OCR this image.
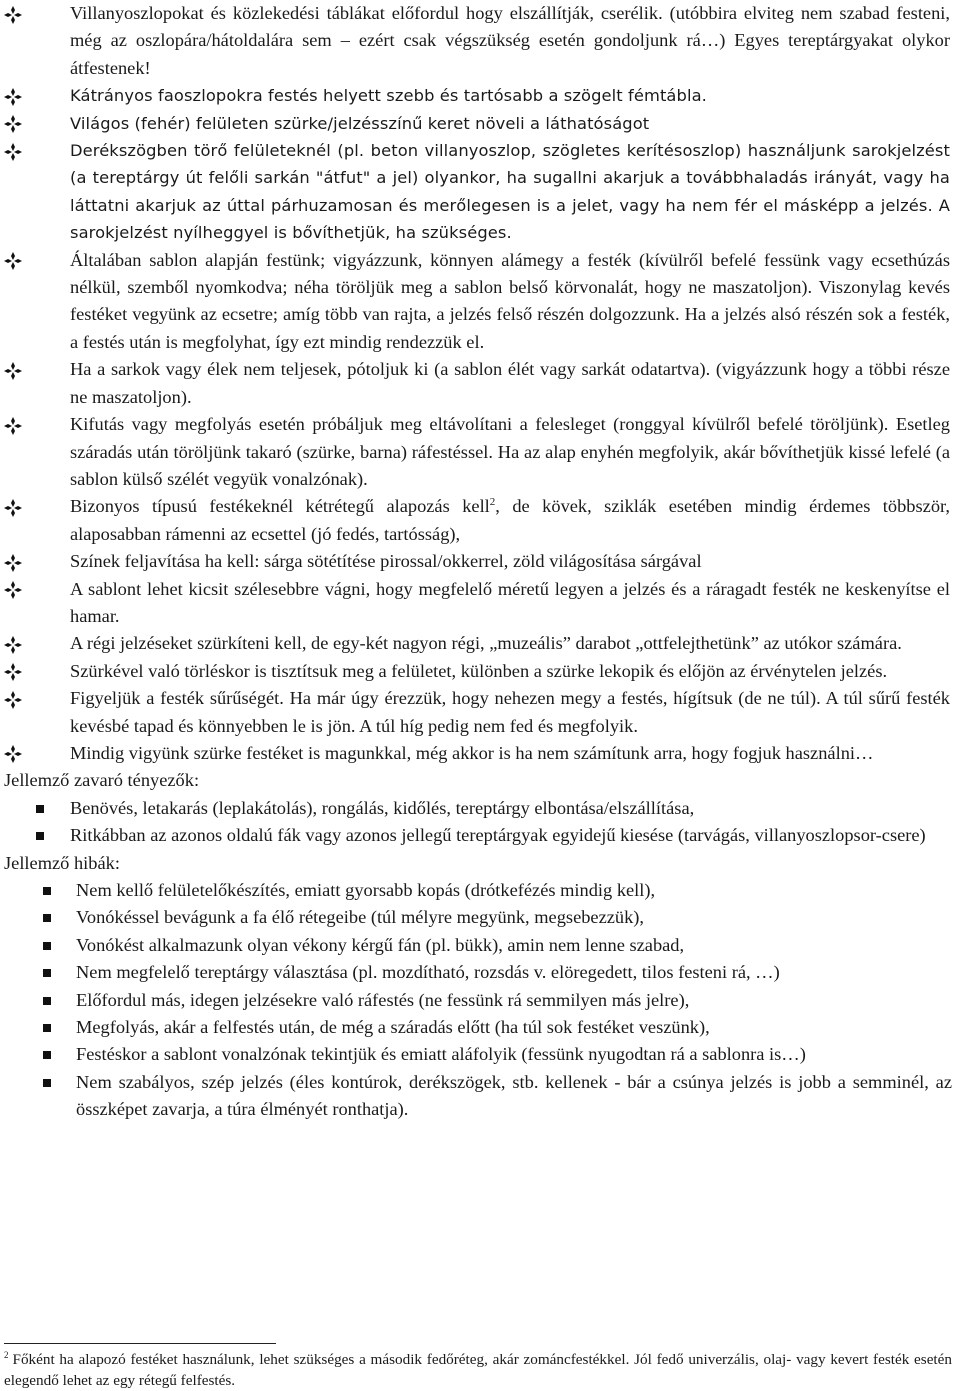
Villanyoszlopokat és közlekedési táblákat előfordul hogy elszállítják, cserélik. (utóbbira elviteg nem szabad festeni, még az oszlopára/hátoldalára sem – ezért csak végszükség esetén gondoljunk rá…) Egyes tereptárgyakat olykor átfestenek!
Kátrányos faoszlopokra festés helyett szebb és tartósabb a szögelt fémtábla.
Világos (fehér) felületen szürke/jelzésszínű keret növeli a láthatóságot
Derékszögben törő felületeknél (pl. beton villanyoszlop, szögletes kerítésoszlop) használjunk sarokjelzést (a tereptárgy út felőli sarkán "átfut" a jel) olyankor, ha sugallni akarjuk a továbbhaladás irányát, vagy ha láttatni akarjuk az úttal párhuzamosan és merőlegesen is a jelet, vagy ha nem fér el másképp a jelzés. A sarokjelzést nyílheggyel is bővíthetjük, ha szükséges.
Általában sablon alapján festünk; vigyázzunk, könnyen alámegy a festék (kívülről befelé fessünk vagy ecsethúzás nélkül, szemből nyomkodva; néha töröljük meg a sablon belső körvonalát, hogy ne maszatoljon). Viszonylag kevés festéket vegyünk az ecsetre; amíg több van rajta, a jelzés felső részén dolgozzunk. Ha a jelzés alsó részén sok a festék, a festés után is megfolyhat, így ezt mindig rendezzük el.
Ha a sarkok vagy élek nem teljesek, pótoljuk ki (a sablon élét vagy sarkát odatartva). (vigyázzunk hogy a többi része ne maszatoljon).
Kifutás vagy megfolyás esetén próbáljuk meg eltávolítani a felesleget (ronggyal kívülről befelé töröljünk). Esetleg száradás után töröljünk takaró (szürke, barna) ráfestéssel. Ha az alap enyhén megfolyik, akár bővíthetjük kissé lefelé (a sablon külső szélét vegyük vonalzónak).
Bizonyos típusú festékeknél kétrétegű alapozás kell$^2$, de kövek, sziklák esetében mindig érdemes többször, alaposabban rámenni az ecsettel (jó fedés, tartósság),
Színek feljavítása ha kell: sárga sötétítése pirossal/okkerrel, zöld világosítása sárgával
A sablont lehet kicsit szélesebbre vágni, hogy megfelelő méretű legyen a jelzés és a ráragadt festék ne keskenyítse el hamar.
A régi jelzéseket szürkíteni kell, de egy-két nagyon régi, „muzeális” darabot „ottfelejthetünk” az utókor számára.
Szürkével való törléskor is tisztítsuk meg a felületet, különben a szürke lekopik és előjön az érvénytelen jelzés.
Figyeljük a festék sűrűségét. Ha már úgy érezzük, hogy nehezen megy a festés, hígítsuk (de ne túl). A túl sűrű festék kevésbé tapad és könnyebben le is jön. A túl híg pedig nem fed és megfolyik.
Mindig vigyünk szürke festéket is magunkkal, még akkor is ha nem számítunk arra, hogy fogjuk használni…
Jellemző zavaró tényezők:
Benövés, letakarás (leplakátolás), rongálás, kidőlés, tereptárgy elbontása/elszállítása,
Ritkábban az azonos oldalú fák vagy azonos jellegű tereptárgyak egyidejű kiesése (tarvágás, villanyoszlopsor-csere)
Jellemző hibák:
Nem kellő felületelőkészítés, emiatt gyorsabb kopás (drótkefézés mindig kell),
Vonókéssel bevágunk a fa élő rétegeibe (túl mélyre megyünk, megsebezzük),
Vonókést alkalmazunk olyan vékony kérgű fán (pl. bükk), amin nem lenne szabad,
Nem megfelelő tereptárgy választása (pl. mozdítható, rozsdás v. elöregedett, tilos festeni rá, …)
Előfordul más, idegen jelzésekre való ráfestés (ne fessünk rá semmilyen más jelre),
Megfolyás, akár a felfestés után, de még a száradás előtt (ha túl sok festéket veszünk),
Festéskor a sablont vonalzónak tekintjük és emiatt aláfolyik (fessünk nyugodtan rá a sablonra is…)
Nem szabályos, szép jelzés (éles kontúrok, derékszögek, stb. kellenek - bár a csúnya jelzés is jobb a semminél, az összképet zavarja, a túra élményét ronthatja).
$^2$ Főként ha alapozó festéket használunk, lehet szükséges a második fedőréteg, akár zománcfestékkel. Jól fedő univerzális, olaj- vagy kevert festék esetén elegendő lehet az egy rétegű felfestés.
